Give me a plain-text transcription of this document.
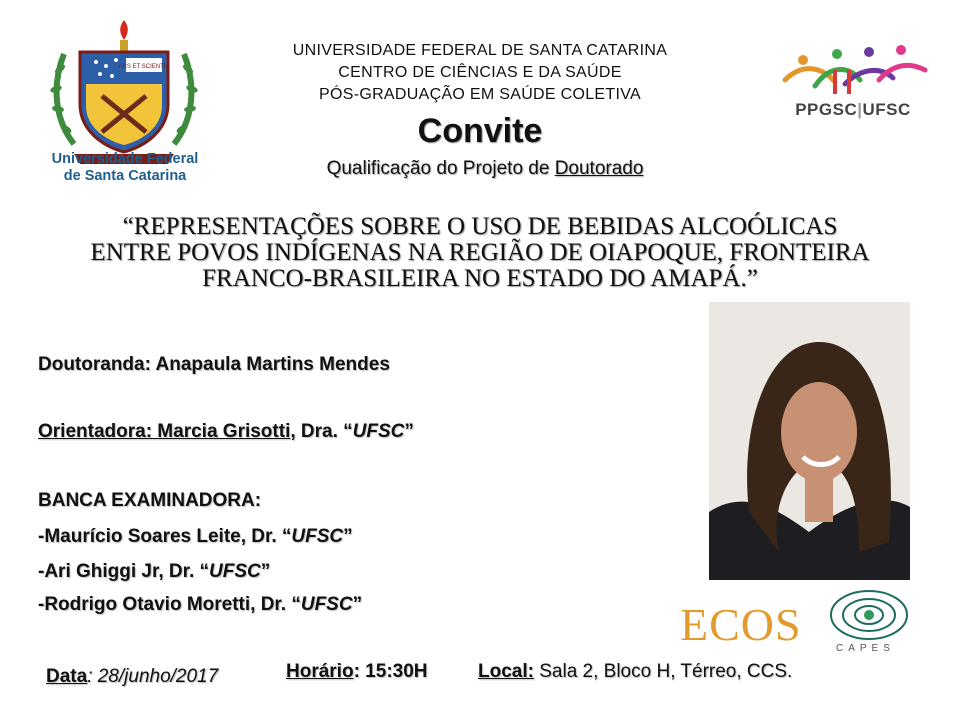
ARS ET SCIENTIA
Universidade Federal
de Santa Catarina
UNIVERSIDADE FEDERAL DE SANTA CATARINA
CENTRO DE CIÊNCIAS E DA SAÚDE
PÓS-GRADUAÇÃO EM SAÚDE COLETIVA
Convite
Qualificação do Projeto de Doutorado
PPGSC|UFSC
“REPRESENTAÇÕES SOBRE O USO DE BEBIDAS ALCOÓLICAS
ENTRE POVOS INDÍGENAS NA REGIÃO DE OIAPOQUE, FRONTEIRA
FRANCO-BRASILEIRA NO ESTADO DO AMAPÁ.”
Doutoranda: Anapaula Martins Mendes
Orientadora: Marcia Grisotti, Dra. “UFSC”
BANCA EXAMINADORA:
-Maurício Soares Leite, Dr. “UFSC”
-Ari Ghiggi Jr, Dr. “UFSC”
-Rodrigo Otavio Moretti, Dr. “UFSC”	ECOS	CAPES
Data: 28/junho/2017	Horário: 15:30H	Local: Sala 2, Bloco H, Térreo, CCS.
